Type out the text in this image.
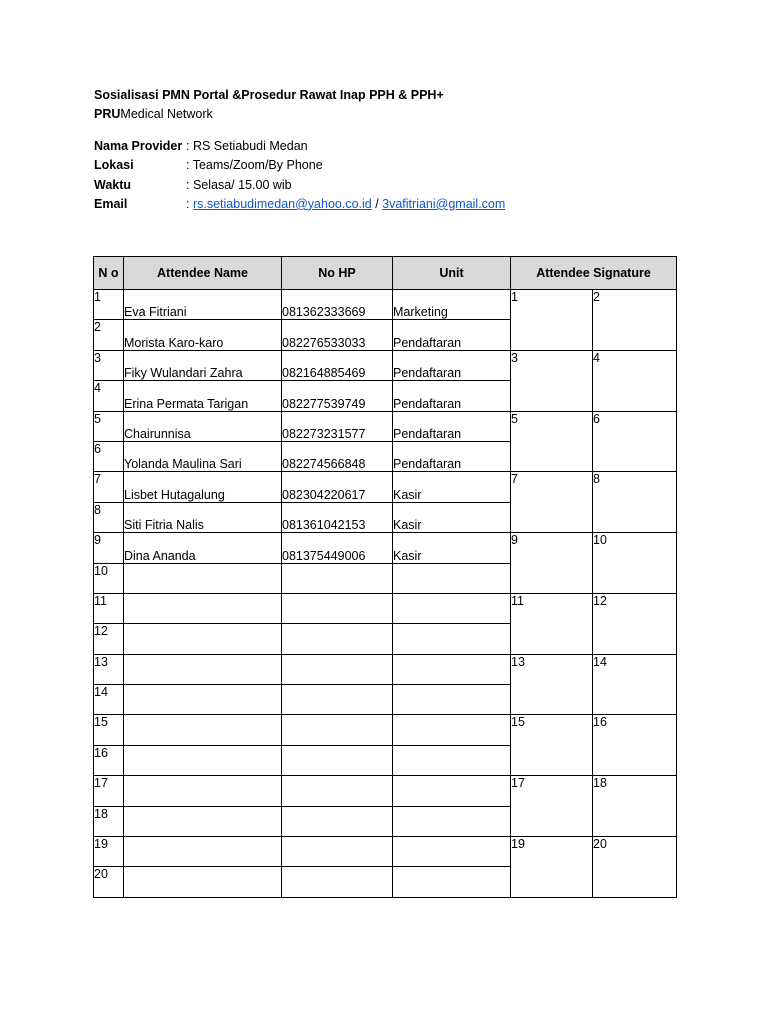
Sosialisasi PMN Portal &Prosedur Rawat Inap PPH & PPH+
PRUMedical Network
Nama Provider : RS Setiabudi Medan
Lokasi	: Teams/Zoom/By Phone
Waktu	: Selasa/ 15.00 wib
Email	: rs.setiabudimedan@yahoo.co.id / 3vafitriani@gmail.com
N o	Attendee Name	No HP	Unit	Attendee Signature	
1	Eva Fitriani	081362333669	Marketing	1	2
2	Morista Karo-karo	082276533033	Pendaftaran		
3	Fiky Wulandari Zahra	082164885469	Pendaftaran	3	4
4	Erina Permata Tarigan	082277539749	Pendaftaran		
5	Chairunnisa	082273231577	Pendaftaran	5	6
6	Yolanda Maulina Sari	082274566848	Pendaftaran		
7	Lisbet Hutagalung	082304220617	Kasir	7	8
8	Siti Fitria Nalis	081361042153	Kasir		
9	Dina Ananda	081375449006	Kasir	9	10
10					
11				11	12
12					
13				13	14
14					
15				15	16
16					
17				17	18
18					
19				19	20
20					
